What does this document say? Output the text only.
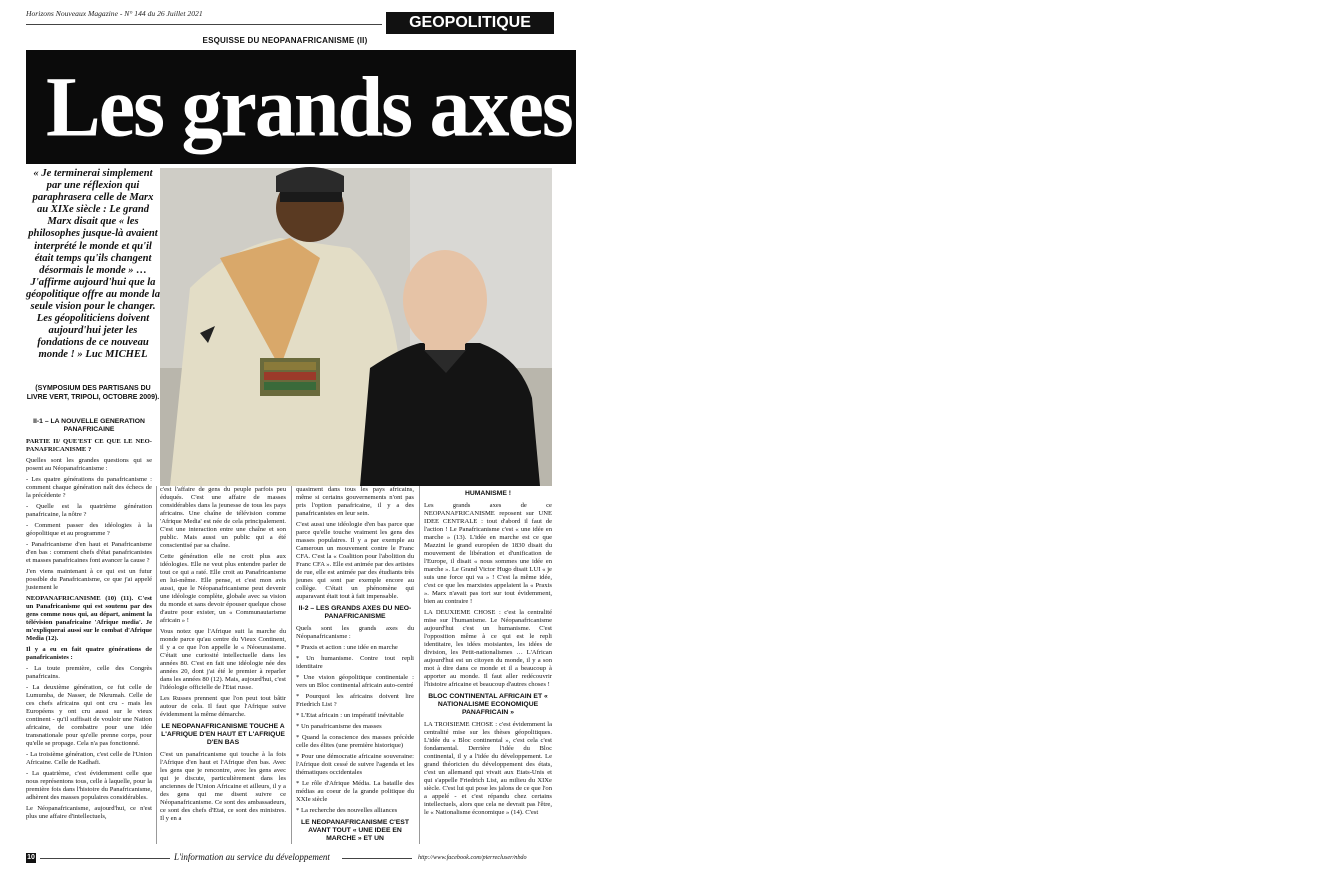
Horizons Nouveaux Magazine - N° 144 du 26 Juillet 2021
GEOPOLITIQUE
ESQUISSE DU NEOPANAFRICANISME (II)
Les grands axes du neopanafricanisme
« Je terminerai simplement par une réflexion qui paraphrasera celle de Marx au XIXe siècle : Le grand Marx disait que « les philosophes jusque-là avaient interprété le monde et qu'il était temps qu'ils changent désormais le monde » … J'affirme aujourd'hui que la géopolitique offre au monde la seule vision pour le changer. Les géopoliticiens doivent aujourd'hui jeter les fondations de ce nouveau monde ! » Luc MICHEL
(SYMPOSIUM DES PARTISANS DU LIVRE VERT, TRIPOLI, OCTOBRE 2009).
II-1 – LA NOUVELLE GENERATION PANAFRICAINE

PARTIE II/ QUE'EST CE QUE LE NEO-PANAFRICANISME ?

Quelles sont les grandes questions qui se posent au Néopanafricanisme :

- Les quatre générations du panafricanisme : comment chaque génération naît des échecs de la précédente ?

- Quelle est la quatrième génération panafricaine, la nôtre ?

- Comment passer des idéologies à la géopolitique et au programme ?

- Panafricanisme d'en haut et Panafricanisme d'en bas : comment chefs d'état panafricanistes et masses panafricaines font avancer la cause ?

J'en viens maintenant à ce qui est un futur possible du Panafricanisme, ce que j'ai appelé justement le

NEOPANAFRICANISME (10) (11). C'est un Panafricanisme qui est soutenu par des gens comme nous qui, au départ, animent la télévision panafricaine 'Afrique media'. Je m'expliquerai aussi sur le combat d'Afrique Media (12).

Il y a eu en fait quatre générations de panafricanistes :

- La toute première, celle des Congrès panafricains.

- La deuxième génération, ce fut celle de Lumumba, de Nasser, de Nkrumah. Celle de ces chefs africains qui ont cru - mais les Européens y ont cru aussi sur le vieux continent - qu'il suffisait de vouloir une Nation africaine, de combattre pour une idée transnationale pour qu'elle prenne corps, pour qu'elle se propage. Cela n'a pas fonctionné.

- La troisième génération, c'est celle de l'Union Africaine. Celle de Kadhafi.

- La quatrième, c'est évidemment celle que nous représentons tous, celle à laquelle, pour la première fois dans l'histoire du Panafricanisme, adhèrent des masses populaires considérables.

Le Néopanafricanisme, aujourd'hui, ce n'est plus une affaire d'intellectuels,

c'est l'affaire de gens du peuple parfois peu éduqués. C'est une affaire de masses considérables dans la jeunesse de tous les pays africains. Une chaîne de télévision comme 'Afrique Media' est née de cela principalement. C'est une interaction entre une chaîne et son public. Mais aussi un public qui a été conscientisé par sa chaîne.

Cette génération elle ne croit plus aux idéologies. Elle ne veut plus entendre parler de tout ce qui a raté. Elle croit au Panafricanisme en lui-même. Elle pense, et c'est mon avis aussi, que le Néopanafricanisme peut devenir une idéologie complète, globale avec sa vision du monde et sans devoir épouser quelque chose d'autre pour exister, un « Communautarisme africain » !

Vous notez que l'Afrique suit la marche du monde parce qu'au centre du Vieux Continent, il y a ce que l'on appelle le « Néoeurasisme. C'était une curiosité intellectuelle dans les années 80. C'est en fait une idéologie née des années 20, dont j'ai été le premier à reparler dans les années 80 (12). Mais, aujourd'hui, c'est l'idéologie officielle de l'Etat russe.

Les Russes prennent que l'on peut tout bâtir autour de cela. Il faut que l'Afrique suive évidemment la même démarche.

LE NEOPANAFRICANISME TOUCHE A L'AFRIQUE D'EN HAUT ET L'AFRIQUE D'EN BAS

C'est un panafricanisme qui touche à la fois l'Afrique d'en haut et l'Afrique d'en bas. Avec les gens que je rencontre, avec les gens avec qui je discute, particulièrement dans les anciennes de l'Union Africaine et ailleurs, il y a des gens qui me disent suivre ce Néopanafricanisme. Ce sont des ambassadeurs, ce sont des chefs d'Etat, ce sont des ministres. Il y en a

quasiment dans tous les pays africains, même si certains gouvernements n'ont pas pris l'option panafricaine, il y a des panafricanistes en leur sein.

C'est aussi une idéologie d'en bas parce que parce qu'elle touche vraiment les gens des masses populaires. Il y a par exemple au Cameroun un mouvement contre le Franc CFA. C'est la « Coalition pour l'abolition du Franc CFA ». Elle est animée par des artistes de rue, elle est animée par des étudiants très jeunes qui sont par exemple encore au collège. C'était un phénomène qui auparavant était tout à fait impensable.

II-2 – LES GRANDS AXES DU NEO-PANAFRICANISME

Quels sont les grands axes du Néopanafricanisme :

* Praxis et action : une idée en marche

* Un humanisme. Contre tout repli identitaire

* Une vision géopolitique continentale : vers un Bloc continental africain auto-centré

* Pourquoi les africains doivent lire Friedrich List ?

* L'Etat africain : un impératif inévitable

* Un panafricanisme des masses

* Quand la conscience des masses précède celle des élites (une première historique)

* Pour une démocratie africaine souveraine: l'Afrique doit cessé de suivre l'agenda et les thématiques occidentales

* Le rôle d'Afrique Média. La bataille des médias au coeur de la grande politique du XXIe siècle

* La recherche des nouvelles alliances

LE NEOPANAFRICANISME C'EST AVANT TOUT « UNE IDEE EN MARCHE » ET UN
HUMANISME !

Les grands axes de ce NEOPANAFRICANISME reposent sur UNE IDEE CENTRALE : tout d'abord il faut de l'action ! Le Panafricanisme c'est « une idée en marche » (13). L'idée en marche est ce que Mazzini le grand européen de 1830 disait du mouvement de libération et d'unification de l'Europe, il disait « nous sommes une idée en marche ». Le Grand Victor Hugo disait LUI « je suis une force qui va » ! C'est la même idée, c'est ce que les marxistes appelaient la « Praxis ». Marx n'avait pas tort sur tout évidemment, bien au contraire !

LA DEUXIEME CHOSE : c'est la centralité mise sur l'humanisme. Le Néopanafricanisme aujourd'hui c'est un humanisme. C'est l'opposition même à ce qui est le repli identitaire, les idées moisiantes, les idées de division, les Petit-nationalismes … L'African aujourd'hui est un citoyen du monde, il y a son mot à dire dans ce monde et il a beaucoup à apporter au monde. Il faut aller redécouvrir l'histoire africaine et beaucoup d'autres choses !

BLOC CONTINENTAL AFRICAIN ET « NATIONALISME ECONOMIQUE PANAFRICAIN »

LA TROISIEME CHOSE : c'est évidemment la centralité mise sur les thèses géopolitiques. L'idée du « Bloc continental », c'est cela c'est fondamental. Derrière l'idée du Bloc continental, il y a l'idée du développement. Le grand théoricien du développement des états, c'est un allemand qui vivait aux Etats-Unis et qui s'appelle Friedrich List, au milieu du XIXe siècle. C'est lui qui pose les jalons de ce que l'on a appelé - et c'est répandu chez certains intellectuels, alors que cela ne devrait pas l'être, le « Nationalisme économique » (14). C'est

10	L'information au service du développement	http://www.facebook.com/pierrecluser/nbdo
